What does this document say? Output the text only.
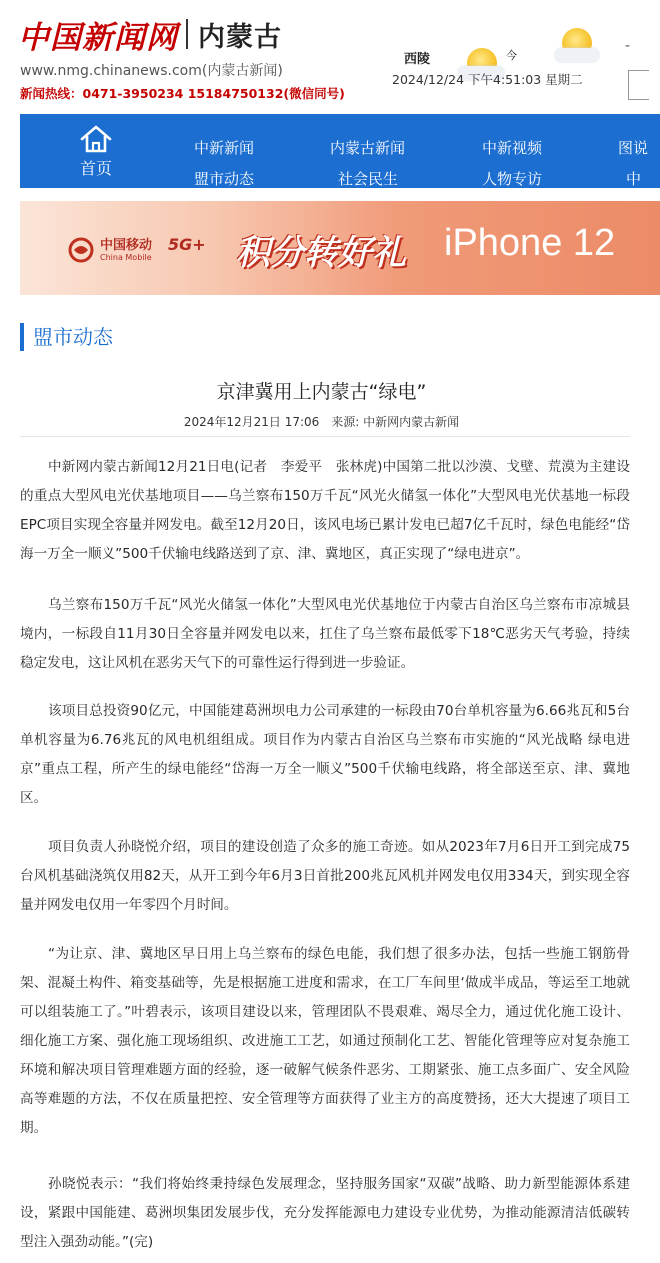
中国新闻网 内蒙古
www.nmg.chinanews.com(内蒙古新闻)
新闻热线：0471-3950234 15184750132(微信同号)
西陵	今
-
2024/12/24 下午4:51:03 星期二
首页
中新新闻	内蒙古新闻	中新视频	图说
盟市动态	社会民生	人物专访	中
中国移动
China Mobile
5G+ 积分转好礼 iPhone 12
盟市动态
京津冀用上内蒙古“绿电”
2024年12月21日 17:06　来源: 中新网内蒙古新闻

中新网内蒙古新闻12月21日电(记者　李爱平　张林虎)中国第二批以沙漠、戈壁、荒漠为主建设的重点大型风电光伏基地项目——乌兰察布150万千瓦“风光火储氢一体化”大型风电光伏基地一标段EPC项目实现全容量并网发电。截至12月20日，该风电场已累计发电已超7亿千瓦时，绿色电能经“岱海一万全一顺义”500千伏输电线路送到了京、津、冀地区，真正实现了“绿电进京”。

乌兰察布150万千瓦“风光火储氢一体化”大型风电光伏基地位于内蒙古自治区乌兰察布市凉城县境内，一标段自11月30日全容量并网发电以来，扛住了乌兰察布最低零下18℃恶劣天气考验，持续稳定发电，这让风机在恶劣天气下的可靠性运行得到进一步验证。

该项目总投资90亿元，中国能建葛洲坝电力公司承建的一标段由70台单机容量为6.66兆瓦和5台单机容量为6.76兆瓦的风电机组组成。项目作为内蒙古自治区乌兰察布市实施的“风光战略 绿电进京”重点工程，所产生的绿电能经“岱海一万全一顺义”500千伏输电线路，将全部送至京、津、冀地区。

项目负责人孙晓悦介绍，项目的建设创造了众多的施工奇迹。如从2023年7月6日开工到完成75台风机基础浇筑仅用82天，从开工到今年6月3日首批200兆瓦风机并网发电仅用334天，到实现全容量并网发电仅用一年零四个月时间。

“为让京、津、冀地区早日用上乌兰察布的绿色电能，我们想了很多办法，包括一些施工钢筋骨架、混凝土构件、箱变基础等，先是根据施工进度和需求，在工厂车间里‘做成半成品，等运至工地就可以组装施工了。”叶碧表示，该项目建设以来，管理团队不畏艰难、竭尽全力，通过优化施工设计、细化施工方案、强化施工现场组织、改进施工工艺，如通过预制化工艺、智能化管理等应对复杂施工环境和解决项目管理难题方面的经验，逐一破解气候条件恶劣、工期紧张、施工点多面广、安全风险高等难题的方法，不仅在质量把控、安全管理等方面获得了业主方的高度赞扬，还大大提速了项目工期。

孙晓悦表示：“我们将始终秉持绿色发展理念，坚持服务国家“双碳”战略、助力新型能源体系建设，紧跟中国能建、葛洲坝集团发展步伐，充分发挥能源电力建设专业优势，为推动能源清洁低碳转型注入强劲动能。”(完)
